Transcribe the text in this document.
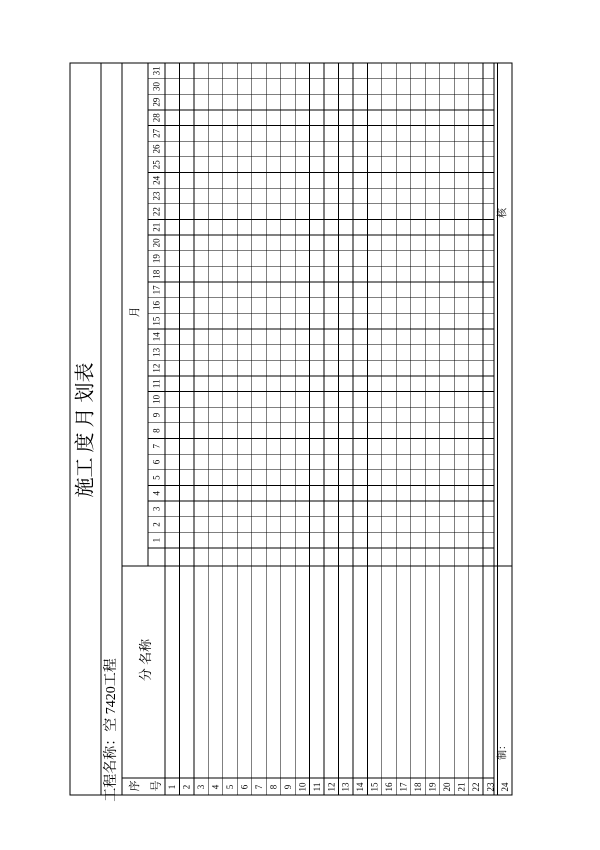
施工 度 月 划表
工程名称：空 7420工程
月
分 名称
序 号
1
2
3
4
5
6
7
8
9
10
11
12
13
14
15
16
17
18
19
20
21
22
23
24
25
26
27
28
29
30
31
1 2 3 4 5 6 7 8 9 10 11 12 13 14 15 16 17 18 19 20 21 22 23 24
制：
核
